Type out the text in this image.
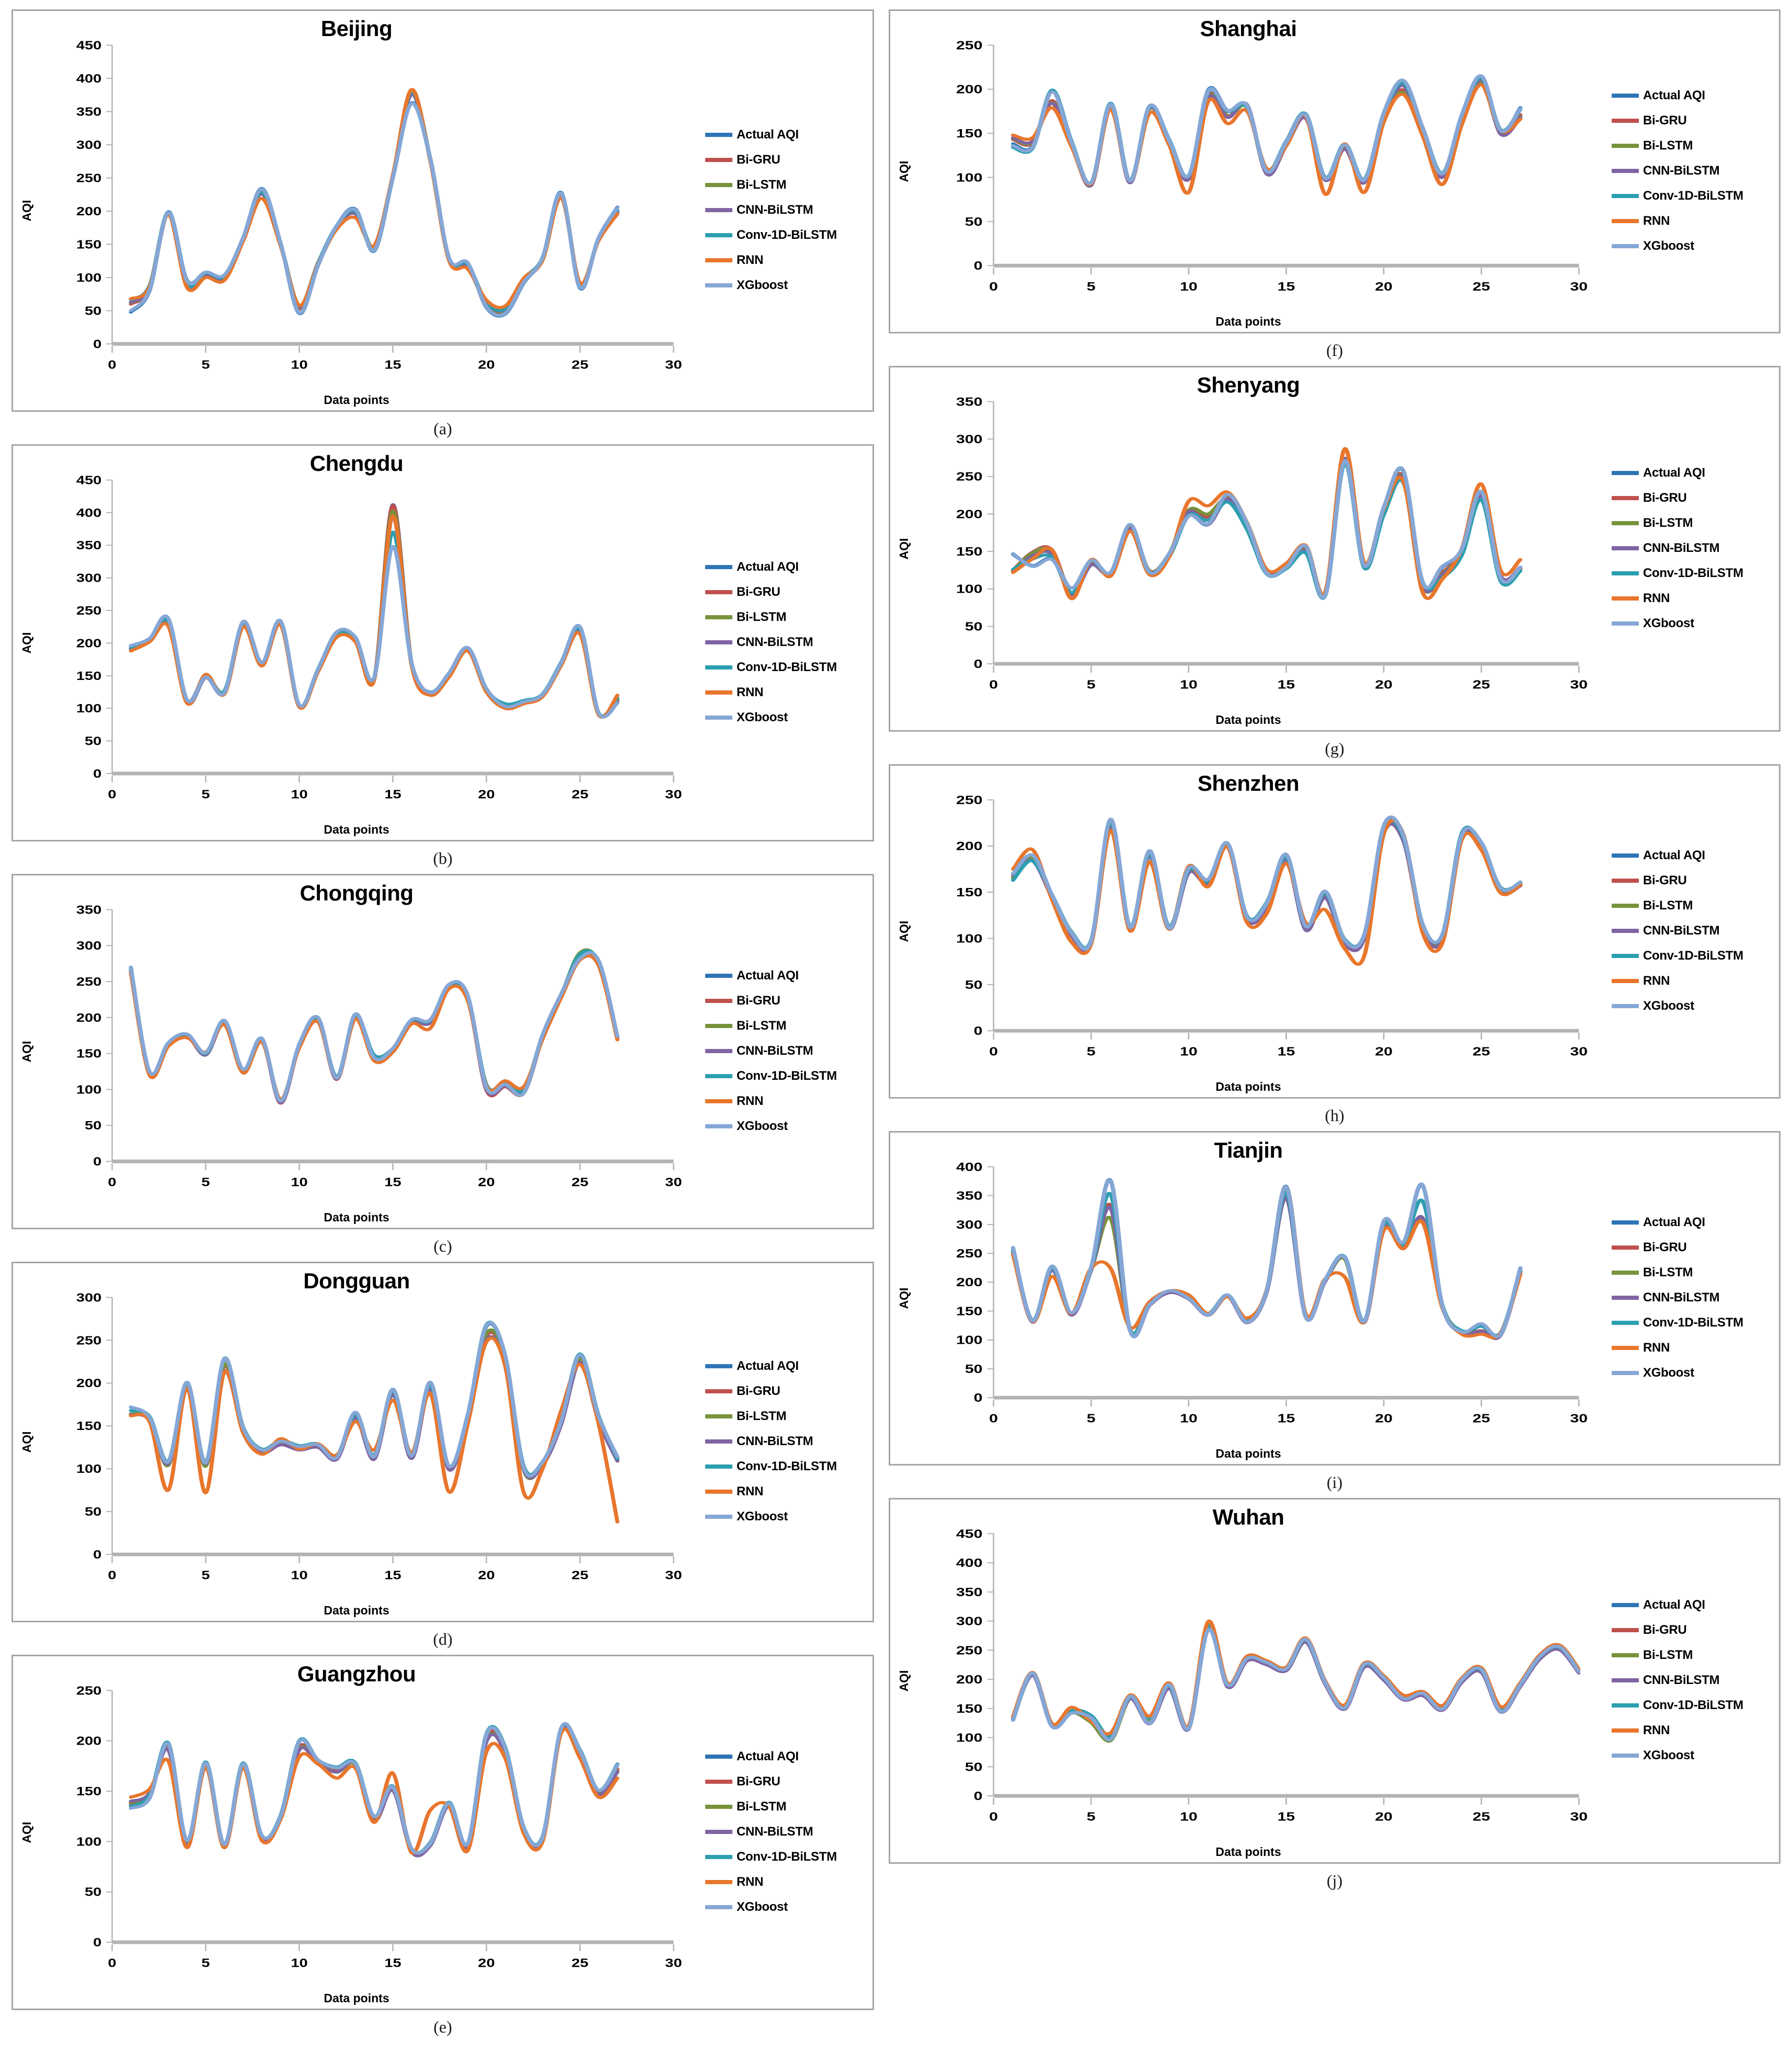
0
50
100
150
200
250
300
350
400
450
0	5	10	15	20	25	30
Beijing
AQI
Data points
Actual AQI
Bi-GRU
Bi-LSTM
CNN-BiLSTM
Conv-1D-BiLSTM
RNN
XGboost
(a)
0
50
100
150
200
250
300
350
400
450
0	5	10	15	20	25	30
Chengdu
AQI
Data points
Actual AQI
Bi-GRU
Bi-LSTM
CNN-BiLSTM
Conv-1D-BiLSTM
RNN
XGboost
(b)
0
50
100
150
200
250
300
350
0	5	10	15	20	25	30
Chongqing
AQI
Data points
Actual AQI
Bi-GRU
Bi-LSTM
CNN-BiLSTM
Conv-1D-BiLSTM
RNN
XGboost
(c)
0
50
100
150
200
250
300
0	5	10	15	20	25	30
Dongguan
AQI
Data points
Actual AQI
Bi-GRU
Bi-LSTM
CNN-BiLSTM
Conv-1D-BiLSTM
RNN
XGboost
(d)
0
50
100
150
200
250
0	5	10	15	20	25	30
Guangzhou
AQI
Data points
Actual AQI
Bi-GRU
Bi-LSTM
CNN-BiLSTM
Conv-1D-BiLSTM
RNN
XGboost
(e)
0
50
100
150
200
250
0	5	10	15	20	25	30
Shanghai
AQI
Data points
Actual AQI
Bi-GRU
Bi-LSTM
CNN-BiLSTM
Conv-1D-BiLSTM
RNN
XGboost
(f)
0
50
100
150
200
250
300
350
0	5	10	15	20	25	30
Shenyang
AQI
Data points
Actual AQI
Bi-GRU
Bi-LSTM
CNN-BiLSTM
Conv-1D-BiLSTM
RNN
XGboost
(g)
0
50
100
150
200
250
0	5	10	15	20	25	30
Shenzhen
AQI
Data points
Actual AQI
Bi-GRU
Bi-LSTM
CNN-BiLSTM
Conv-1D-BiLSTM
RNN
XGboost
(h)
0
50
100
150
200
250
300
350
400
0	5	10	15	20	25	30
Tianjin
AQI
Data points
Actual AQI
Bi-GRU
Bi-LSTM
CNN-BiLSTM
Conv-1D-BiLSTM
RNN
XGboost
(i)
0
50
100
150
200
250
300
350
400
450
0	5	10	15	20	25	30
Wuhan
AQI
Data points
Actual AQI
Bi-GRU
Bi-LSTM
CNN-BiLSTM
Conv-1D-BiLSTM
RNN
XGboost
(j)
